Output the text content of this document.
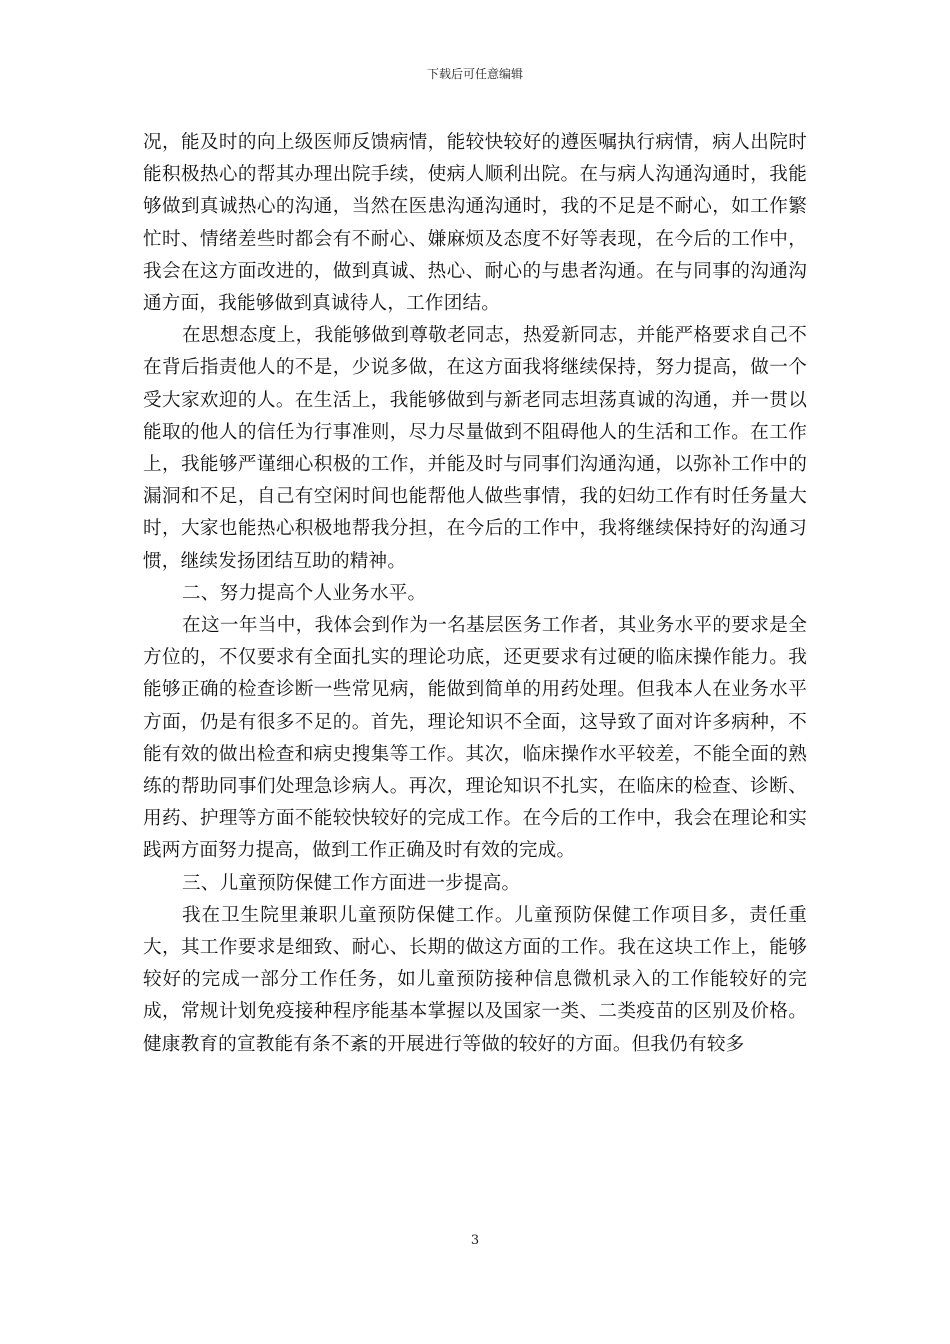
下载后可任意编辑

况，能及时的向上级医师反馈病情，能较快较好的遵医嘱执行病情，病人出院时能积极热心的帮其办理出院手续，使病人顺利出院。在与病人沟通沟通时，我能够做到真诚热心的沟通，当然在医患沟通沟通时，我的不足是不耐心，如工作繁忙时、情绪差些时都会有不耐心、嫌麻烦及态度不好等表现，在今后的工作中，我会在这方面改进的，做到真诚、热心、耐心的与患者沟通。在与同事的沟通沟通方面，我能够做到真诚待人，工作团结。

在思想态度上，我能够做到尊敬老同志，热爱新同志，并能严格要求自己不在背后指责他人的不是，少说多做，在这方面我将继续保持，努力提高，做一个受大家欢迎的人。在生活上，我能够做到与新老同志坦荡真诚的沟通，并一贯以能取的他人的信任为行事准则，尽力尽量做到不阻碍他人的生活和工作。在工作上，我能够严谨细心积极的工作，并能及时与同事们沟通沟通，以弥补工作中的漏洞和不足，自己有空闲时间也能帮他人做些事情，我的妇幼工作有时任务量大时，大家也能热心积极地帮我分担，在今后的工作中，我将继续保持好的沟通习惯，继续发扬团结互助的精神。

二、努力提高个人业务水平。

在这一年当中，我体会到作为一名基层医务工作者，其业务水平的要求是全方位的，不仅要求有全面扎实的理论功底，还更要求有过硬的临床操作能力。我能够正确的检查诊断一些常见病，能做到简单的用药处理。但我本人在业务水平方面，仍是有很多不足的。首先，理论知识不全面，这导致了面对许多病种，不能有效的做出检查和病史搜集等工作。其次，临床操作水平较差，不能全面的熟练的帮助同事们处理急诊病人。再次，理论知识不扎实，在临床的检查、诊断、用药、护理等方面不能较快较好的完成工作。在今后的工作中，我会在理论和实践两方面努力提高，做到工作正确及时有效的完成。

三、儿童预防保健工作方面进一步提高。

我在卫生院里兼职儿童预防保健工作。儿童预防保健工作项目多，责任重大，其工作要求是细致、耐心、长期的做这方面的工作。我在这块工作上，能够较好的完成一部分工作任务，如儿童预防接种信息微机录入的工作能较好的完成，常规计划免疫接种程序能基本掌握以及国家一类、二类疫苗的区别及价格。健康教育的宣教能有条不紊的开展进行等做的较好的方面。但我仍有较多

3
